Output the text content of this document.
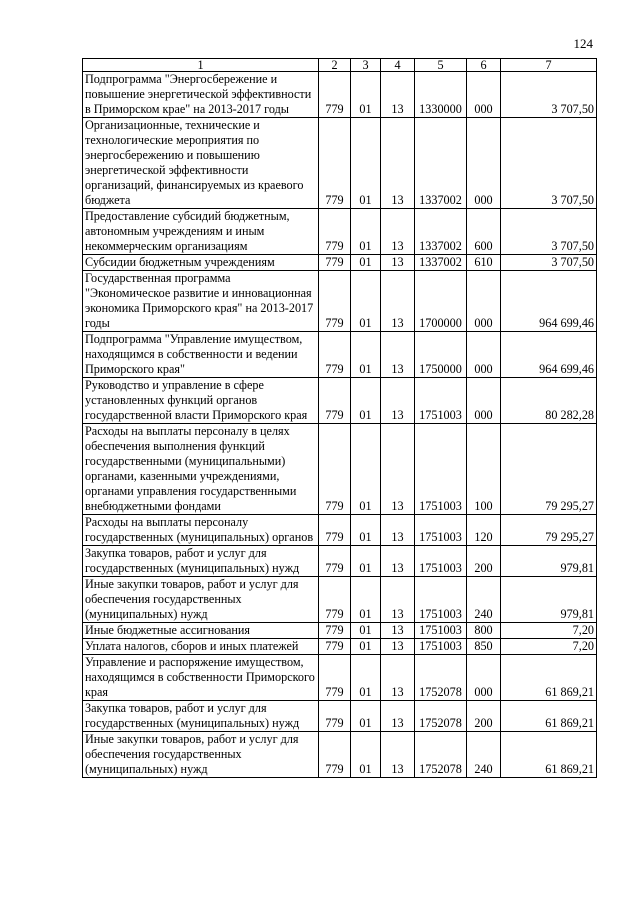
124
1	2	3	4	5	6	7
Подпрограмма "Энергосбережение и повышение энергетической эффективности в Приморском крае" на 2013-2017 годы	779	01	13	1330000	000	3 707,50
Организационные, технические и технологические мероприятия по энергосбережению и повышению энергетической эффективности организаций, финансируемых из краевого бюджета	779	01	13	1337002	000	3 707,50
Предоставление субсидий бюджетным, автономным учреждениям и иным некоммерческим организациям	779	01	13	1337002	600	3 707,50
Субсидии бюджетным учреждениям	779	01	13	1337002	610	3 707,50
Государственная программа "Экономическое развитие и инновационная экономика Приморского края" на 2013-2017 годы	779	01	13	1700000	000	964 699,46
Подпрограмма "Управление имуществом, находящимся в собственности и ведении Приморского края"	779	01	13	1750000	000	964 699,46
Руководство и управление в сфере установленных функций органов государственной власти Приморского края	779	01	13	1751003	000	80 282,28
Расходы на выплаты персоналу в целях обеспечения выполнения функций государственными (муниципальными) органами, казенными учреждениями, органами управления государственными внебюджетными фондами	779	01	13	1751003	100	79 295,27
Расходы на выплаты персоналу государственных (муниципальных) органов	779	01	13	1751003	120	79 295,27
Закупка товаров, работ и услуг для государственных (муниципальных) нужд	779	01	13	1751003	200	979,81
Иные закупки товаров, работ и услуг для обеспечения государственных (муниципальных) нужд	779	01	13	1751003	240	979,81
Иные бюджетные ассигнования	779	01	13	1751003	800	7,20
Уплата налогов, сборов и иных платежей	779	01	13	1751003	850	7,20
Управление и распоряжение имуществом, находящимся в собственности Приморского края	779	01	13	1752078	000	61 869,21
Закупка товаров, работ и услуг для государственных (муниципальных) нужд	779	01	13	1752078	200	61 869,21
Иные закупки товаров, работ и услуг для обеспечения государственных (муниципальных) нужд	779	01	13	1752078	240	61 869,21
